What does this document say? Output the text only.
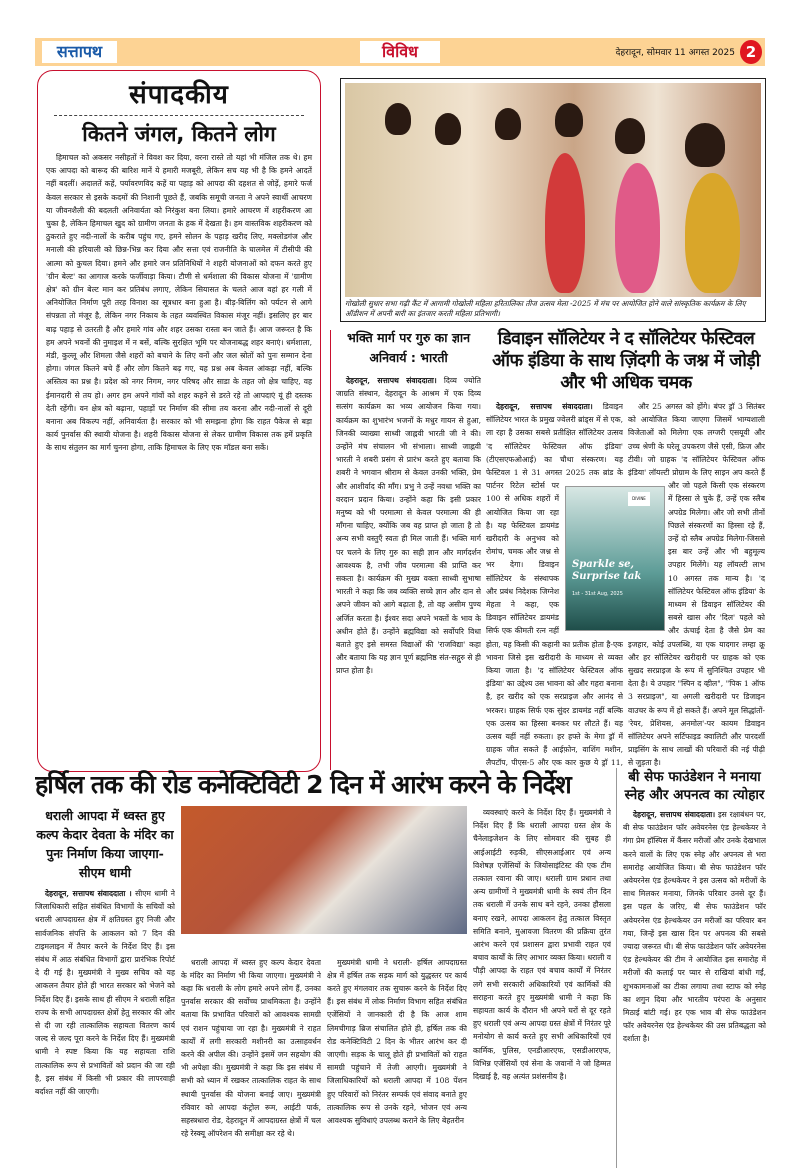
सत्तापथ	विविध	देहरादून, सोमवार 11 अगस्त 2025 2
संपादकीय
कितने जंगल, कितने लोग

हिमाचल को अकसर नसीहतों ने विवश कर दिया, वरना रास्ते तो यहां भी मंजिल तक थे। हम एक आपदा को बारूद की बारिश मानें ये हमारी मजबूरी, लेकिन सच यह भी है कि हमने आदतें नहीं बदलीं। अदालतें कहें, पर्यावरणविद कहें या पहाड़ को आपदा की दहशत से जोड़ें, हमारे फर्ज केवल सरकार से इसके कदमों की निशानी पूछते हैं, जबकि समूची जनता ने अपने स्वार्थी आचरण या जीवनशैली की बदलती अनिवार्यता को निरंकुश बना लिया। हमारे आचरण में शहरीकरण आ चुका है, लेकिन हिमाचल खुद को ग्रामीण जनता के हक में देखता है। हम वास्तविक शहरीकरण को ठुकराते हुए नदी-नालों के करीब पहुंच गए, हमने सोलन के पहाड़ खरीद लिए, मक्लोडगंज और मनाली की हरियाली को छिन्न-भिन्न कर दिया और सत्ता एवं राजनीति के घालमेल में टीसीपी की आत्मा को कुचल दिया। हमने और हमारे जन प्रतिनिधियों ने शहरी योजनाओं को दफन करते हुए 'ग्रीन बेल्ट' का आगाज करके फर्जीवाड़ा किया। टौणी से धर्मशाला की विकास योजना में 'ग्रामीण क्षेत्र' को ग्रीन बेल्ट मान कर प्रतिबंध लगाए, लेकिन सियासत के चलते आज वहां हर गली में अनियोजित निर्माण पूरी तरह विनाश का सूत्रधार बना हुआ है। बीड़-बिलिंग को पर्यटन से आगे संपन्नता तो मंजूर है, लेकिन नगर निकाय के तहत व्यवस्थित विकास मंजूर नहीं। इसलिए हर बार बाढ़ पहाड़ से उतरती है और हमारे गांव और शहर उसका रास्ता बन जाते हैं। आज जरूरत है कि हम अपने भवनों की नुमाइश में न बसें, बल्कि सुरक्षित भूमि पर योजनाबद्ध शहर बनाएं। धर्मशाला, मंडी, कुल्लू और शिमला जैसे शहरों को बचाने के लिए वनों और जल स्रोतों को पुनः सम्मान देना होगा। जंगल कितने बचे हैं और लोग कितने बढ़ गए, यह प्रश्न अब केवल आंकड़ा नहीं, बल्कि अस्तित्व का प्रश्न है। प्रदेश को नगर निगम, नगर परिषद और साडा के तहत जो क्षेत्र चाहिए, वह ईमानदारी से तय हो। अगर हम अपने गांवों को शहर कहने से डरते रहे तो आपदाएं यूं ही दस्तक देती रहेंगी। वन क्षेत्र को बढ़ाना, पहाड़ों पर निर्माण की सीमा तय करना और नदी-नालों से दूरी बनाना अब विकल्प नहीं, अनिवार्यता है। सरकार को भी समझना होगा कि राहत पैकेज से बड़ा कार्य पुनर्वास की स्थायी योजना है। शहरी विकास योजना से लेकर ग्रामीण विकास तक हमें प्रकृति के साथ संतुलन का मार्ग चुनना होगा, ताकि हिमाचल के लिए एक मॉडल बना सकें।

गोखोली सुधार सभा गढ़ी कैंट में आगामी गोखोली महिला हरितालिका तीज उत्सव मेला -2025 में मंच पर आयोजित होने वाले सांस्कृतिक कार्यक्रम के लिए ऑडीशन में अपनी बारी का इंतजार करती महिला प्रतिभागी।
भक्ति मार्ग पर गुरु का ज्ञान अनिवार्य : भारती

देहरादून, सत्तापथ संवाददाता। दिव्य ज्योति जाग्रति संस्थान, देहरादून के आश्रम में एक दिव्य सत्संग कार्यक्रम का भव्य आयोजन किया गया। कार्यक्रम का शुभारंभ भजनों के मधुर गायन से हुआ, जिनकी व्याख्या साध्वी जाह्नवी भारती जी ने की। उन्होंने मंच संचालन भी संभाला। साध्वी जाह्नवी भारती ने शबरी प्रसंग से प्रारंभ करते हुए बताया कि शबरी ने भगवान श्रीराम से केवल उनकी भक्ति, प्रेम और आशीर्वाद की माँग। प्रभु ने उन्हें नवधा भक्ति का वरदान प्रदान किया। उन्होंने कहा कि इसी प्रकार मनुष्य को भी परमात्मा से केवल परमात्मा की ही माँगना चाहिए, क्योंकि जब वह प्राप्त हो जाता है तो अन्य सभी वस्तुएँ स्वतः ही मिल जाती हैं। भक्ति मार्ग पर चलने के लिए गुरु का सही ज्ञान और मार्गदर्शन आवश्यक है, तभी जीव परमात्मा की प्राप्ति कर सकता है। कार्यक्रम की मुख्य वक्ता साध्वी सुभाषा भारती ने कहा कि जब व्यक्ति सच्चे ज्ञान और दान से अपने जीवन को आगे बढ़ाता है, तो वह असीम पुण्य अर्जित करता है। ईश्वर सदा अपने भक्तों के भाव के अधीन होते हैं। उन्होंने ब्रह्मविद्या को सर्वोपरि विधा बताते हुए इसे समस्त विद्याओं की 'राजविद्या' कहा और बताया कि यह ज्ञान पूर्ण ब्रह्मनिष्ठ संत-सद्गुरु से ही प्राप्त होता है।

डिवाइन सॉलिटेयर ने द सॉलिटेयर फेस्टिवल ऑफ इंडिया के साथ ज़िंदगी के जश्न में जोड़ी और भी अधिक चमक

देहरादून, सत्तापथ संवाददाता। डिवाइन सॉलिटेयर भारत के प्रमुख ज्वेलरी ब्रांड्स में से एक, ला रहा है उसका सबसे प्रतीक्षित सॉलिटेयर उत्सव 'द सॉलिटेयर फेस्टिवल ऑफ इंडिया' (टीएसएफओआई) का चौथा संस्करण। यह फेस्टिवल 1 से 31 अगस्त 2025 तक ब्रांड के पार्टनर रिटेल स्टोर्स पर 100 से अधिक शहरों में आयोजित किया जा रहा है। यह फेस्टिवल डायमंड खरीदारी के अनुभव को रोमांच, चमक और जश्न से भर देगा। डिवाइन सॉलिटेयर के संस्थापक और प्रबंध निदेशक जिग्नेश मेहता ने कहा, एक डिवाइन सॉलिटेयर डायमंड सिर्फ एक कीमती रत्न नहीं होता, यह किसी की कहानी का प्रतीक होता है-एक भावना जिसे इस खरीदारी के माध्यम से व्यक्त किया जाता है। 'द सॉलिटेयर फेस्टिवल ऑफ इंडिया' का उद्देश्य उस भावना को और गहरा बनाना है, हर खरीद को एक सरप्राइज और आनंद से भरकर। ग्राहक सिर्फ एक सुंदर डायमंड नहीं बल्कि एक उत्सव का हिस्सा बनकर घर लौटते हैं। यह उत्सव यहीं नहीं रुकता। हर हफ्ते के मेगा ड्रॉ में ग्राहक जीत सकते हैं आईफ़ोन, वाशिंग मशीन, लैपटॉप, पीएस-5 और एक कार कुछ ये ड्रॉ 11,

और 25 अगस्त को होंगे। बंपर ड्रॉ 3 सितंबर को आयोजित किया जाएगा जिसमें भाग्यशाली विजेताओं को मिलेगा एक लग्जरी एसयूवी और उच्च श्रेणी के घरेलू उपकरण जैसे एसी, फ्रिज और टीवी। जो ग्राहक 'द सॉलिटेयर फेस्टिवल ऑफ इंडिया' लॉयल्टी प्रोग्राम के लिए साइन अप करते हैं और जो पहले किसी एक संस्करण में हिस्सा ले चुके हैं, उन्हें एक स्लैब अपग्रेड मिलेगा। और जो सभी तीनों पिछले संस्करणों का हिस्सा रहे हैं, उन्हें दो स्लैब अपग्रेड मिलेगा-जिससे इस बार उन्हें और भी बहुमूल्य उपहार मिलेंगे। यह लॉयल्टी लाभ 10 अगस्त तक मान्य है। 'द सॉलिटेयर फेस्टिवल ऑफ इंडिया' के माध्यम से डिवाइन सॉलिटेयर की सबसे खास और 'दिल' पहले को और ऊंचाई देता है जैसे प्रेम का इजहार, कोई उपलब्धि, या एक यादगार लम्हा क्रू और हर सॉलिटेयर खरीदारी पर ग्राहक को एक सुखद सरप्राइज के रूप में सुनिश्चित उपहार भी देता है। ये उपहार "स्पिन द व्हील", "पिक 1 ऑफ 3 सरप्राइज", या अगली खरीदारी पर डिजाइन वाउचर के रूप में हो सकते हैं। अपने मूल सिद्धांतों-'रेयर, प्रेशियस, अनमोल'-पर कायम डिवाइन सॉलिटेयर अपने सर्टिफाइड क्वालिटी और पारदर्शी प्राइसिंग के साथ लाखों की परिवारों की नई पीढ़ी से जुड़ता है।

DIVINE
Sparkle se, Surprise tak
1st - 31st Aug, 2025
हर्षिल तक की रोड कनेक्टिविटी 2 दिन में आरंभ करने के निर्देश
धराली आपदा में ध्वस्त हुए कल्प केदार देवता के मंदिर का पुनः निर्माण किया जाएगा- सीएम धामी

देहरादून, सत्तापथ संवाददाता । सीएम धामी ने जिलाधिकारी सहित संबंधित विभागों के सचिवों को धराली आपदाग्रस्त क्षेत्र में क्षतिग्रस्त हुए निजी और सार्वजनिक संपत्ति के आकलन को 7 दिन की टाइमलाइन में तैयार करने के निर्देश दिए हैं। इस संबंध में आठ संबंधित विभागों द्वारा प्रारंभिक रिपोर्ट दे दी गई है। मुख्यमंत्री ने मुख्य सचिव को यह आकलन तैयार होते ही भारत सरकार को भेजने को निर्देश दिए हैं। इसके साथ ही सीएम ने धराली सहित राज्य के सभी आपदाग्रस्त क्षेत्रों हेतु सरकार की ओर से दी जा रही तात्कालिक सहायता वितरण कार्य जल्द से जल्द पूरा करने के निर्देश दिए हैं। मुख्यमंत्री धामी ने स्पष्ट किया कि यह सहायता राशि तात्कालिक रूप से प्रभावितों को प्रदान की जा रही है, इस संबंध में किसी भी प्रकार की लापरवाही बर्दाश्त नहीं की जाएगी।

व्यवस्थाएं करने के निर्देश दिए हैं। मुख्यमंत्री ने निर्देश दिए हैं कि धराली आपदा ग्रस्त क्षेत्र के चैनेलाइजेशन के लिए सोमवार की सुबह ही आईआईटी रुड़की, सीएसआईआर एवं अन्य विशेषज्ञ एजेंसियों के जियोसाइंटिस्ट की एक टीम तत्काल रवाना की जाए। धराली ग्राम प्रधान तथा अन्य ग्रामीणों ने मुख्यमंत्री धामी के स्वयं तीन दिन तक धराली में उनके साथ बने रहने, उनका हौसला बनाए रखने, आपदा आकलन हेतु तत्काल विस्तृत समिति बनाने, मुआवजा वितरण की प्रक्रिया तुरंत आरंभ करने एवं प्रशासन द्वारा प्रभावी राहत एवं बचाव कार्यों के लिए आभार व्यक्त किया। धराली व पौड़ी आपदा के राहत एवं बचाव कार्यों में निरंतर लगे सभी सरकारी अधिकारियों एवं कार्मिकों की सराहना करते हुए मुख्यमंत्री धामी ने कहा कि सहायता कार्य के दौरान भी अपने घरों से दूर रहते हुए धराली एवं अन्य आपदा ग्रस्त क्षेत्रों में निरंतर पूरे मनोयोग से कार्य करते हुए सभी अधिकारियों एवं कार्मिक, पुलिस, एनडीआरएफ, एसडीआरएफ, विभिन्न एजेंसियों एवं सेना के जवानों ने जो हिम्मत दिखाई है, वह अत्यंत प्रशंसनीय है।

धराली आपदा में ध्वस्त हुए कल्प केदार देवता के मंदिर का निर्माण भी किया जाएगा। मुख्यमंत्री ने कहा कि धराली के लोग हमारे अपने लोग हैं, उनका पुनर्वास सरकार की सर्वोच्च प्राथमिकता है। उन्होंने बताया कि प्रभावित परिवारों को आवश्यक सामग्री एवं राशन पहुंचाया जा रहा है। मुख्यमंत्री ने राहत कार्यों में लगी सरकारी मशीनरी का उत्साहवर्धन करने की अपील की। उन्होंने इसमें जन सहयोग की भी अपेक्षा की। मुख्यमंत्री ने कहा कि इस संबंध में सभी को ध्यान में रखकर तात्कालिक राहत के साथ स्थायी पुनर्वास की योजना बनाई जाए। मुख्यमंत्री रविवार को आपदा कंट्रोल रूम, आईटी पार्क, सहस्त्रधारा रोड, देहरादून में आपदाग्रस्त क्षेत्रों में चल रहे रेस्क्यू ऑपरेशन की समीक्षा कर रहे थे।

मुख्यमंत्री धामी ने धराली- हर्षिल आपदाग्रस्त क्षेत्र में हर्षिल तक सड़क मार्ग को युद्धस्तर पर कार्य करते हुए मंगलवार तक सुचारू करने के निर्देश दिए हैं। इस संबंध में लोक निर्माण विभाग सहित संबंधित एजेंसियों ने जानकारी दी है कि आज शाम लिमचीगाड़ ब्रिज संचालित होते ही, हर्षिल तक की रोड कनेक्टिविटी 2 दिन के भीतर आरंभ कर दी जाएगी। सड़क के चालू होते ही प्रभावितों को राहत सामग्री पहुंचाने में तेजी आएगी। मुख्यमंत्री ने जिलाधिकारियों को धराली आपदा में 108 पेंशन हुए परिवारों को निरंतर सम्पर्क एवं संवाद बनाते हुए तात्कालिक रूप से उनके रहने, भोजन एवं अन्य आवश्यक सुविधाएं उपलब्ध कराने के लिए बेहतरीन

बी सेफ फाउंडेशन ने मनाया स्नेह और अपनत्व का त्योहार

देहरादून, सत्तापथ संवाददाता। इस रक्षाबंधन पर, बी सेफ फाउंडेशन फॉर अवेयरनेस एंड हेल्थकेयर ने गंगा प्रेम हॉस्पिस में कैंसर मरीजों और उनके देखभाल करने वालों के लिए एक स्नेह और अपनत्व से भरा समारोह आयोजित किया। बी सेफ फाउंडेशन फॉर अवेयरनेस एंड हेल्थकेयर ने इस उत्सव को मरीजों के साथ मिलकर मनाया, जिनके परिवार उनसे दूर हैं। इस पहल के जरिए, बी सेफ फाउंडेशन फॉर अवेयरनेस एंड हेल्थकेयर उन मरीजों का परिवार बन गया, जिन्हें इस खास दिन पर अपनत्व की सबसे ज्यादा जरूरत थी। बी सेफ फाउंडेशन फॉर अवेयरनेस एंड हेल्थकेयर की टीम ने आयोजित इस समारोह में मरीजों की कलाई पर प्यार से राखियां बांधी गईं, शुभकामनाओं का टीका लगाया तथा स्टाफ को स्नेह का शगुन दिया और भारतीय परंपरा के अनुसार मिठाई बांटी गई। हर एक भाव बी सेफ फाउंडेशन फॉर अवेयरनेस एंड हेल्थकेयर की उस प्रतिबद्धता को दर्शाता है।
